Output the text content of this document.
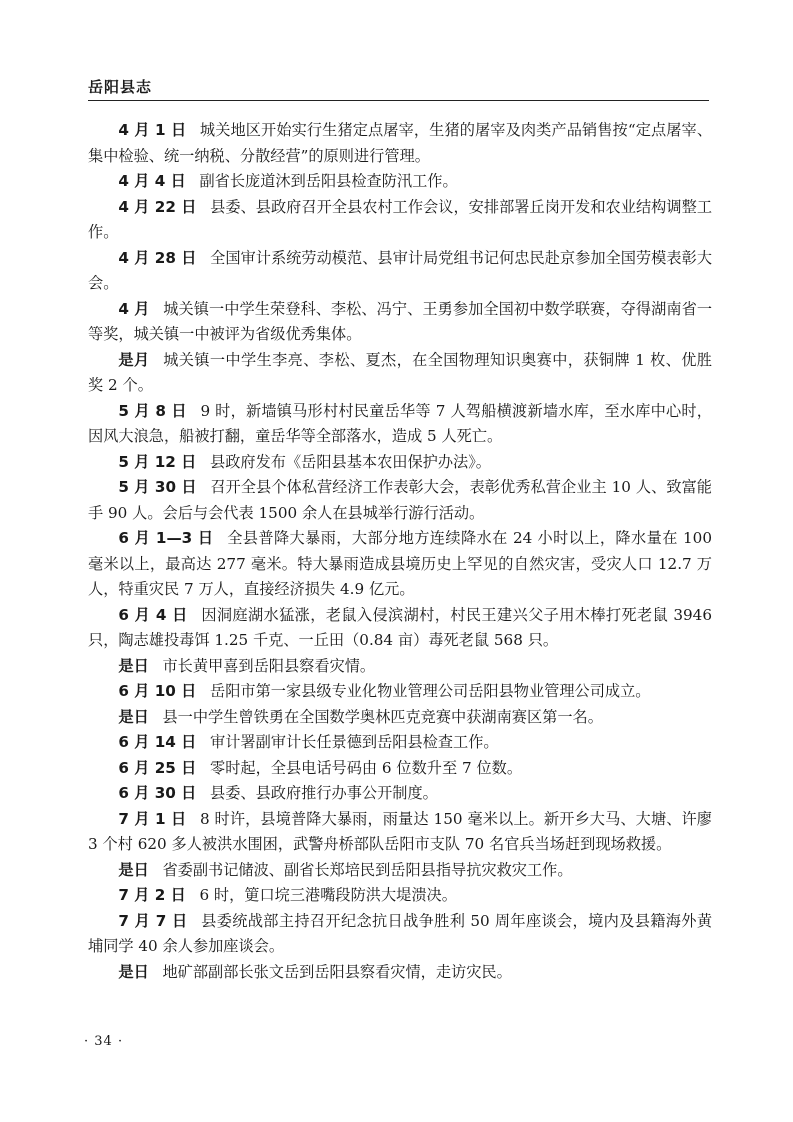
岳阳县志

4 月 1 日 城关地区开始实行生猪定点屠宰，生猪的屠宰及肉类产品销售按“定点屠宰、集中检验、统一纳税、分散经营”的原则进行管理。

4 月 4 日 副省长庞道沐到岳阳县检查防汛工作。

4 月 22 日 县委、县政府召开全县农村工作会议，安排部署丘岗开发和农业结构调整工作。

4 月 28 日 全国审计系统劳动模范、县审计局党组书记何忠民赴京参加全国劳模表彰大会。

4 月 城关镇一中学生荣登科、李松、冯宁、王勇参加全国初中数学联赛，夺得湖南省一等奖，城关镇一中被评为省级优秀集体。

是月 城关镇一中学生李亮、李松、夏杰，在全国物理知识奥赛中，获铜牌 1 枚、优胜奖 2 个。

5 月 8 日 9 时，新墙镇马形村村民童岳华等 7 人驾船横渡新墙水库，至水库中心时，因风大浪急，船被打翻，童岳华等全部落水，造成 5 人死亡。

5 月 12 日 县政府发布《岳阳县基本农田保护办法》。

5 月 30 日 召开全县个体私营经济工作表彰大会，表彰优秀私营企业主 10 人、致富能手 90 人。会后与会代表 1500 余人在县城举行游行活动。

6 月 1—3 日 全县普降大暴雨，大部分地方连续降水在 24 小时以上，降水量在 100 毫米以上，最高达 277 毫米。特大暴雨造成县境历史上罕见的自然灾害，受灾人口 12.7 万人，特重灾民 7 万人，直接经济损失 4.9 亿元。

6 月 4 日 因洞庭湖水猛涨，老鼠入侵滨湖村，村民王建兴父子用木棒打死老鼠 3946 只，陶志雄投毒饵 1.25 千克、一丘田（0.84 亩）毒死老鼠 568 只。

是日 市长黄甲喜到岳阳县察看灾情。

6 月 10 日 岳阳市第一家县级专业化物业管理公司岳阳县物业管理公司成立。

是日 县一中学生曾铁勇在全国数学奥林匹克竞赛中获湖南赛区第一名。

6 月 14 日 审计署副审计长任景德到岳阳县检查工作。

6 月 25 日 零时起，全县电话号码由 6 位数升至 7 位数。

6 月 30 日 县委、县政府推行办事公开制度。

7 月 1 日 8 时许，县境普降大暴雨，雨量达 150 毫米以上。新开乡大马、大塘、许廖 3 个村 620 多人被洪水围困，武警舟桥部队岳阳市支队 70 名官兵当场赶到现场救援。

是日 省委副书记储波、副省长郑培民到岳阳县指导抗灾救灾工作。

7 月 2 日 6 时，筻口垸三港嘴段防洪大堤溃决。

7 月 7 日 县委统战部主持召开纪念抗日战争胜利 50 周年座谈会，境内及县籍海外黄埔同学 40 余人参加座谈会。

是日 地矿部副部长张文岳到岳阳县察看灾情，走访灾民。

· 34 ·
